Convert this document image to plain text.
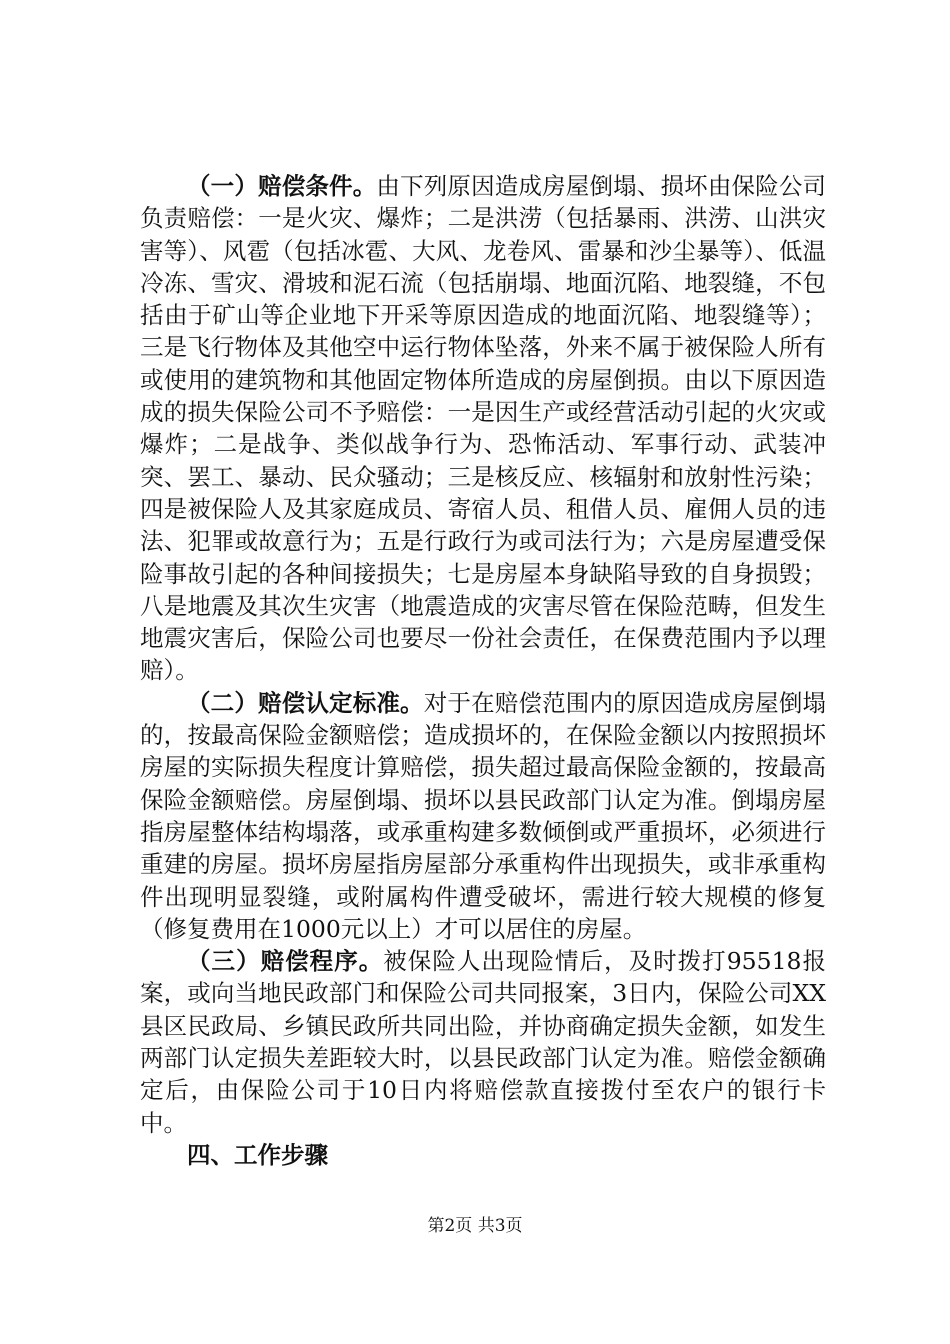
（一）赔偿条件。由下列原因造成房屋倒塌、损坏由保险公司负责赔偿：一是火灾、爆炸；二是洪涝（包括暴雨、洪涝、山洪灾害等）、风雹（包括冰雹、大风、龙卷风、雷暴和沙尘暴等）、低温冷冻、雪灾、滑坡和泥石流（包括崩塌、地面沉陷、地裂缝，不包括由于矿山等企业地下开采等原因造成的地面沉陷、地裂缝等）；三是飞行物体及其他空中运行物体坠落，外来不属于被保险人所有或使用的建筑物和其他固定物体所造成的房屋倒损。由以下原因造成的损失保险公司不予赔偿：一是因生产或经营活动引起的火灾或爆炸；二是战争、类似战争行为、恐怖活动、军事行动、武装冲突、罢工、暴动、民众骚动；三是核反应、核辐射和放射性污染；四是被保险人及其家庭成员、寄宿人员、租借人员、雇佣人员的违法、犯罪或故意行为；五是行政行为或司法行为；六是房屋遭受保险事故引起的各种间接损失；七是房屋本身缺陷导致的自身损毁；八是地震及其次生灾害（地震造成的灾害尽管在保险范畴，但发生地震灾害后，保险公司也要尽一份社会责任，在保费范围内予以理赔）。

（二）赔偿认定标准。对于在赔偿范围内的原因造成房屋倒塌的，按最高保险金额赔偿；造成损坏的，在保险金额以内按照损坏房屋的实际损失程度计算赔偿，损失超过最高保险金额的，按最高保险金额赔偿。房屋倒塌、损坏以县民政部门认定为准。倒塌房屋指房屋整体结构塌落，或承重构建多数倾倒或严重损坏，必须进行重建的房屋。损坏房屋指房屋部分承重构件出现损失，或非承重构件出现明显裂缝，或附属构件遭受破坏，需进行较大规模的修复（修复费用在1000元以上）才可以居住的房屋。

（三）赔偿程序。被保险人出现险情后，及时拨打95518报案，或向当地民政部门和保险公司共同报案，3日内，保险公司XX县区民政局、乡镇民政所共同出险，并协商确定损失金额，如发生两部门认定损失差距较大时，以县民政部门认定为准。赔偿金额确定后，由保险公司于10日内将赔偿款直接拨付至农户的银行卡中。

四、工作步骤
第2页 共3页
